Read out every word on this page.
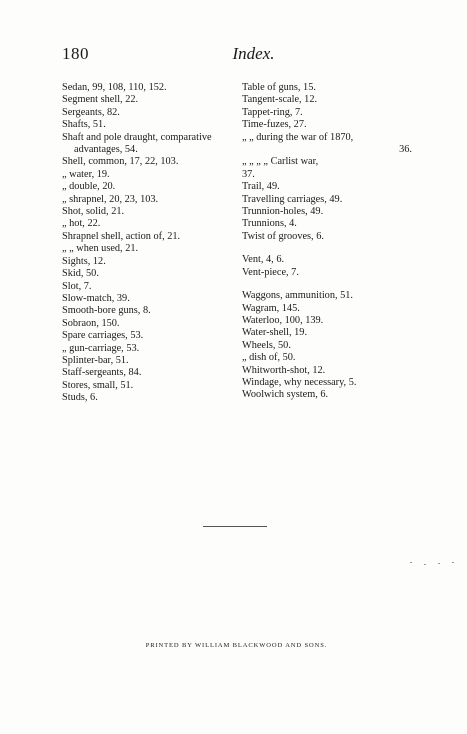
180	Index.
Sedan, 99, 108, 110, 152.
Segment shell, 22.
Sergeants, 82.
Shafts, 51.
Shaft and pole draught, comparative advantages, 54.
Shell, common, 17, 22, 103.
„ water, 19.
„ double, 20.
„ shrapnel, 20, 23, 103.
Shot, solid, 21.
„ hot, 22.
Shrapnel shell, action of, 21.
„ „ when used, 21.
Sights, 12.
Skid, 50.
Slot, 7.
Slow-match, 39.
Smooth-bore guns, 8.
Sobraon, 150.
Spare carriages, 53.
„ gun-carriage, 53.
Splinter-bar, 51.
Staff-sergeants, 84.
Stores, small, 51.
Studs, 6.
Table of guns, 15.
Tangent-scale, 12.
Tappet-ring, 7.
Time-fuzes, 27.
„ „ during the war of 1870,
36.
„ „ „ „ Carlist war,
37.
Trail, 49.
Travelling carriages, 49.
Trunnion-holes, 49.
Trunnions, 4.
Twist of grooves, 6.
Vent, 4, 6.
Vent-piece, 7.
Waggons, ammunition, 51.
Wagram, 145.
Waterloo, 100, 139.
Water-shell, 19.
Wheels, 50.
„ dish of, 50.
Whitworth-shot, 12.
Windage, why necessary, 5.
Woolwich system, 6.
PRINTED BY WILLIAM BLACKWOOD AND SONS.
